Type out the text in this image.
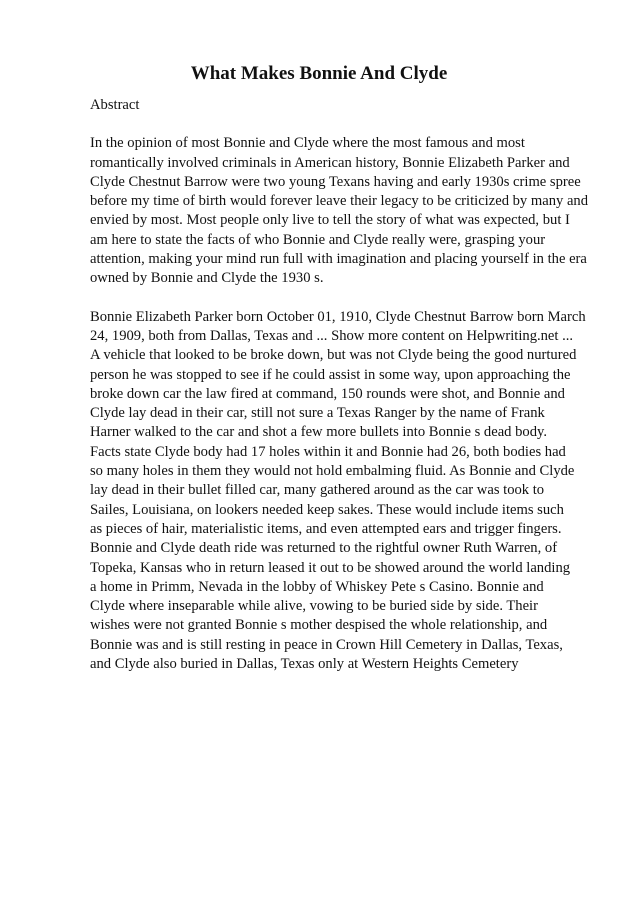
What Makes Bonnie And Clyde
Abstract
In the opinion of most Bonnie and Clyde where the most famous and most
romantically involved criminals in American history, Bonnie Elizabeth Parker and
Clyde Chestnut Barrow were two young Texans having and early 1930s crime spree
before my time of birth would forever leave their legacy to be criticized by many and
envied by most. Most people only live to tell the story of what was expected, but I
am here to state the facts of who Bonnie and Clyde really were, grasping your
attention, making your mind run full with imagination and placing yourself in the era
owned by Bonnie and Clyde the 1930 s.
Bonnie Elizabeth Parker born October 01, 1910, Clyde Chestnut Barrow born March
24, 1909, both from Dallas, Texas and ... Show more content on Helpwriting.net ...
A vehicle that looked to be broke down, but was not Clyde being the good nurtured
person he was stopped to see if he could assist in some way, upon approaching the
broke down car the law fired at command, 150 rounds were shot, and Bonnie and
Clyde lay dead in their car, still not sure a Texas Ranger by the name of Frank
Harner walked to the car and shot a few more bullets into Bonnie s dead body.
Facts state Clyde body had 17 holes within it and Bonnie had 26, both bodies had
so many holes in them they would not hold embalming fluid. As Bonnie and Clyde
lay dead in their bullet filled car, many gathered around as the car was took to
Sailes, Louisiana, on lookers needed keep sakes. These would include items such
as pieces of hair, materialistic items, and even attempted ears and trigger fingers.
Bonnie and Clyde death ride was returned to the rightful owner Ruth Warren, of
Topeka, Kansas who in return leased it out to be showed around the world landing
a home in Primm, Nevada in the lobby of Whiskey Pete s Casino. Bonnie and
Clyde where inseparable while alive, vowing to be buried side by side. Their
wishes were not granted Bonnie s mother despised the whole relationship, and
Bonnie was and is still resting in peace in Crown Hill Cemetery in Dallas, Texas,
and Clyde also buried in Dallas, Texas only at Western Heights Cemetery
